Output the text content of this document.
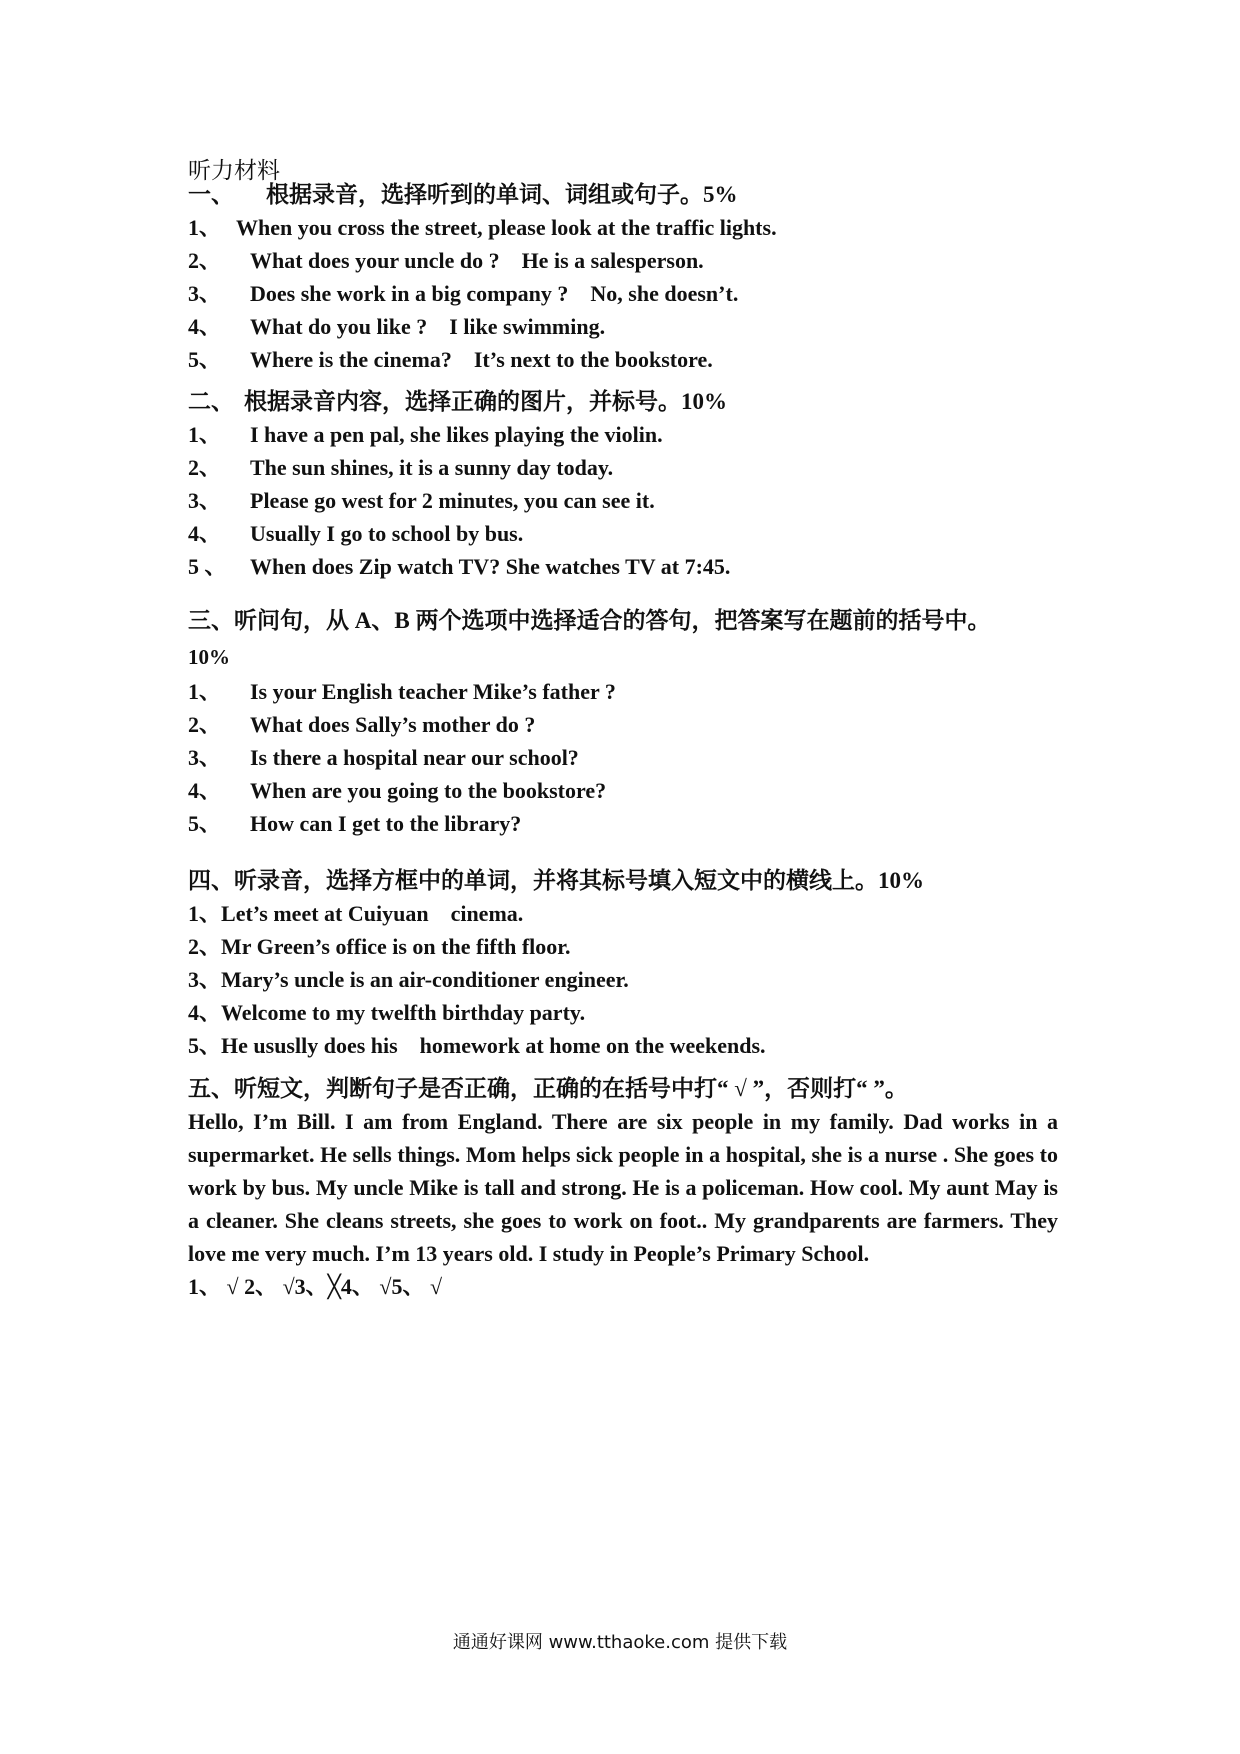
听力材料
一、 根据录音，选择听到的单词、词组或句子。5%
1、 When you cross the street, please look at the traffic lights.
2、 What does your uncle do ?    He is a salesperson.
3、 Does she work in a big company ?    No, she doesn’t.
4、 What do you like ?    I like swimming.
5、 Where is the cinema?    It’s next to the bookstore.
二、 根据录音内容，选择正确的图片，并标号。10%
1、 I have a pen pal, she likes playing the violin.
2、 The sun shines, it is a sunny day today.
3、 Please go west for 2 minutes, you can see it.
4、 Usually I go to school by bus.
5 、 When does Zip watch TV? She watches TV at 7:45.
三、听问句，从 A、B 两个选项中选择适合的答句，把答案写在题前的括号中。
10%
1、 Is your English teacher Mike’s father ?
2、 What does Sally’s mother do ?
3、 Is there a hospital near our school?
4、 When are you going to the bookstore?
5、 How can I get to the library?
四、听录音，选择方框中的单词，并将其标号填入短文中的横线上。10%
1、Let’s meet at Cuiyuan    cinema.
2、Mr Green’s office is on the fifth floor.
3、Mary’s uncle is an air-conditioner engineer.
4、Welcome to my twelfth birthday party.
5、He ususlly does his    homework at home on the weekends.
五、听短文，判断句子是否正确，正确的在括号中打“ √ ”，否则打“ ”。
Hello, I’m Bill. I am from England. There are six people in my family. Dad works in a supermarket. He sells things. Mom helps sick people in a hospital, she is a nurse . She goes to work by bus. My uncle Mike is tall and strong. He is a policeman. How cool. My aunt May is a cleaner. She cleans streets, she goes to work on foot.. My grandparents are farmers. They love me very much. I’m 13 years old. I study in People’s Primary School.
1、 √ 2、 √3、╳4、 √5、 √
通通好课网 www.tthaoke.com 提供下载
